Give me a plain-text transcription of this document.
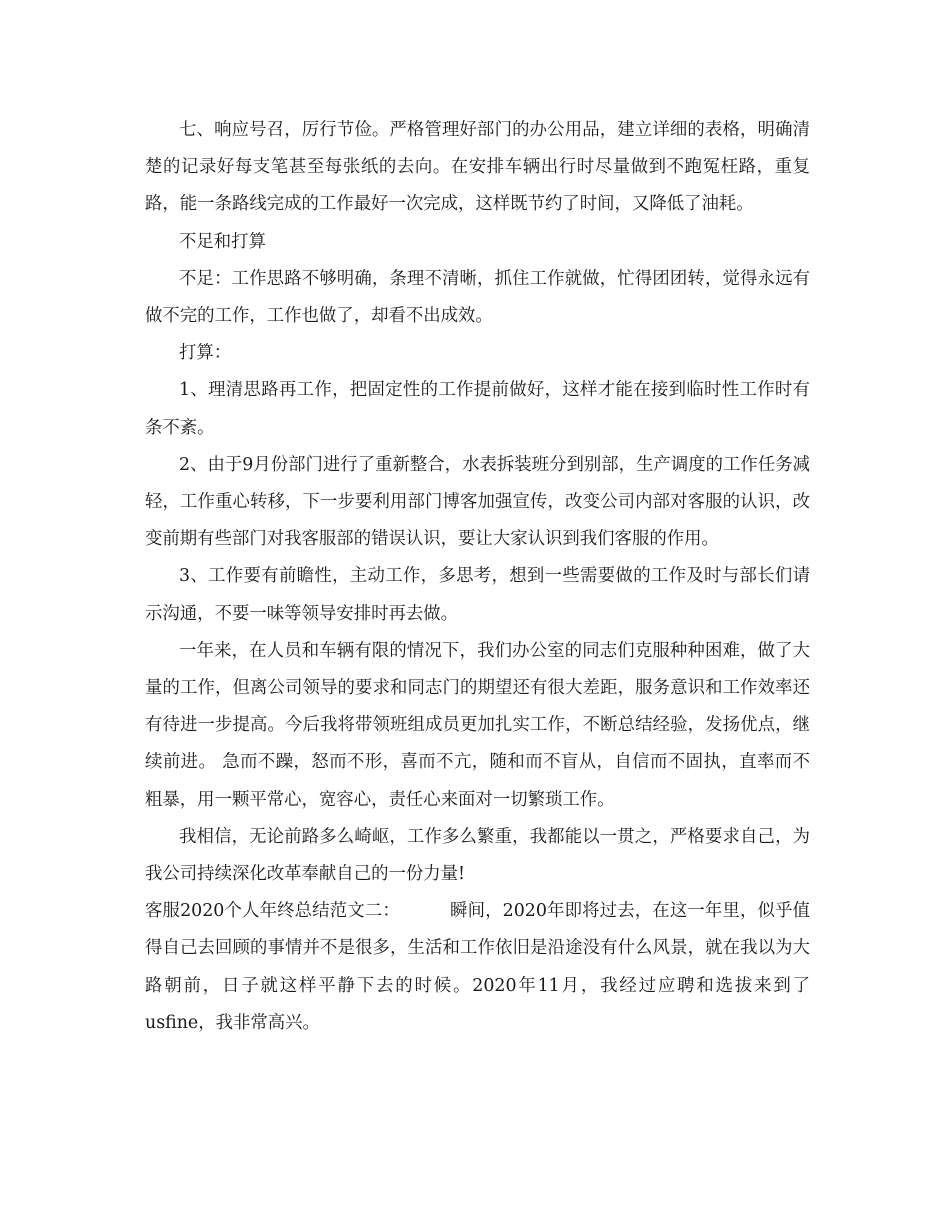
七、响应号召，厉行节俭。严格管理好部门的办公用品，建立详细的表格，明确清楚的记录好每支笔甚至每张纸的去向。在安排车辆出行时尽量做到不跑冤枉路，重复路，能一条路线完成的工作最好一次完成，这样既节约了时间，又降低了油耗。

不足和打算

不足：工作思路不够明确，条理不清晰，抓住工作就做，忙得团团转，觉得永远有做不完的工作，工作也做了，却看不出成效。

打算：

1、理清思路再工作，把固定性的工作提前做好，这样才能在接到临时性工作时有条不紊。

2、由于9月份部门进行了重新整合，水表拆装班分到别部，生产调度的工作任务减轻，工作重心转移，下一步要利用部门博客加强宣传，改变公司内部对客服的认识，改变前期有些部门对我客服部的错误认识，要让大家认识到我们客服的作用。

3、工作要有前瞻性，主动工作，多思考，想到一些需要做的工作及时与部长们请示沟通，不要一味等领导安排时再去做。

一年来，在人员和车辆有限的情况下，我们办公室的同志们克服种种困难，做了大量的工作，但离公司领导的要求和同志门的期望还有很大差距，服务意识和工作效率还有待进一步提高。今后我将带领班组成员更加扎实工作，不断总结经验，发扬优点，继续前进。 急而不躁，怒而不形，喜而不亢，随和而不盲从，自信而不固执，直率而不粗暴，用一颗平常心，宽容心，责任心来面对一切繁琐工作。

我相信，无论前路多么崎岖，工作多么繁重，我都能以一贯之，严格要求自己，为我公司持续深化改革奉献自己的一份力量!

客服2020个人年终总结范文二：	瞬间，2020年即将过去，在这一年里，似乎值得自己去回顾的事情并不是很多，生活和工作依旧是沿途没有什么风景，就在我以为大路朝前，日子就这样平静下去的时候。2020年11月，我经过应聘和选拔来到了usfine，我非常高兴。
